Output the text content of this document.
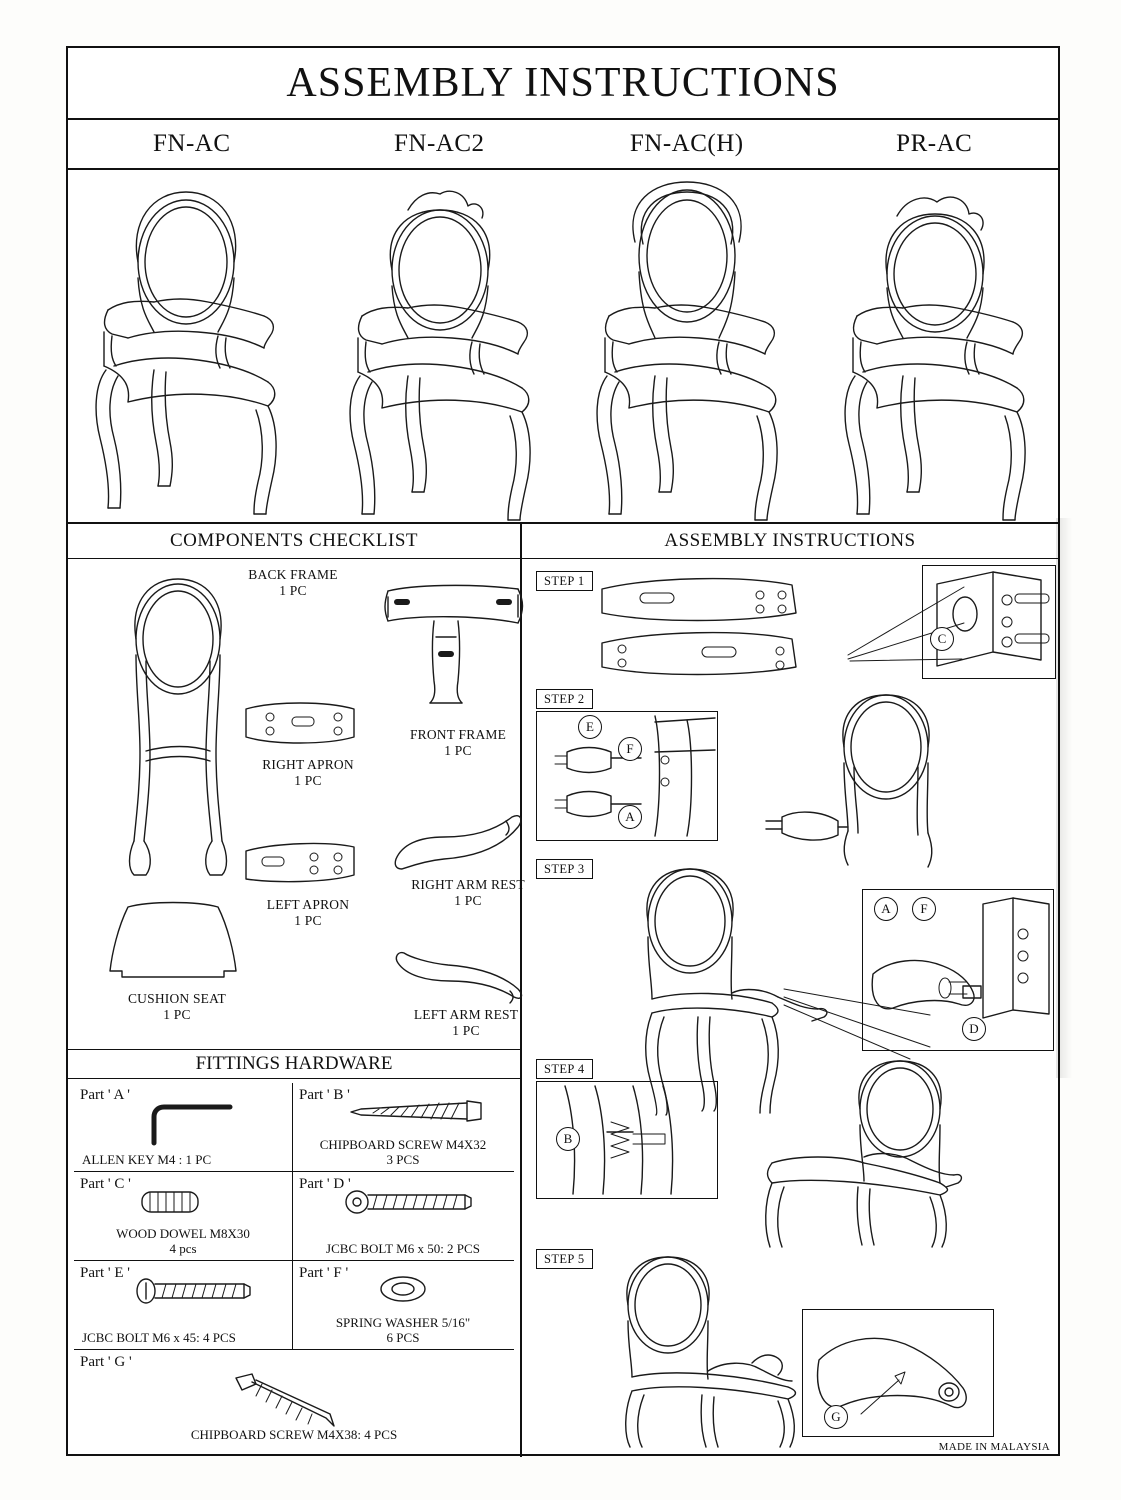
ASSEMBLY INSTRUCTIONS
FN-AC	FN-AC2	FN-AC(H)	PR-AC
COMPONENTS CHECKLIST	ASSEMBLY INSTRUCTIONS
BACK FRAME
1 PC
FRONT FRAME
1 PC
RIGHT APRON
1 PC
LEFT APRON
1 PC
RIGHT ARM REST
1 PC
LEFT ARM REST
1 PC
CUSHION SEAT
1 PC
FITTINGS HARDWARE
Part ' A '
ALLEN KEY M4 : 1 PC
Part ' B '
CHIPBOARD SCREW M4X32
3 PCS
Part ' C '
WOOD DOWEL M8X30
4 pcs
Part ' D '
JCBC BOLT M6 x 50: 2 PCS
Part ' E '
JCBC BOLT M6 x 45: 4 PCS
Part ' F '
SPRING WASHER 5/16"
6 PCS
Part ' G '
CHIPBOARD SCREW M4X38: 4 PCS
STEP 1
C
STEP 2
E
F
A
STEP 3
A	F
D
STEP 4
B
STEP 5
G
MADE IN MALAYSIA
